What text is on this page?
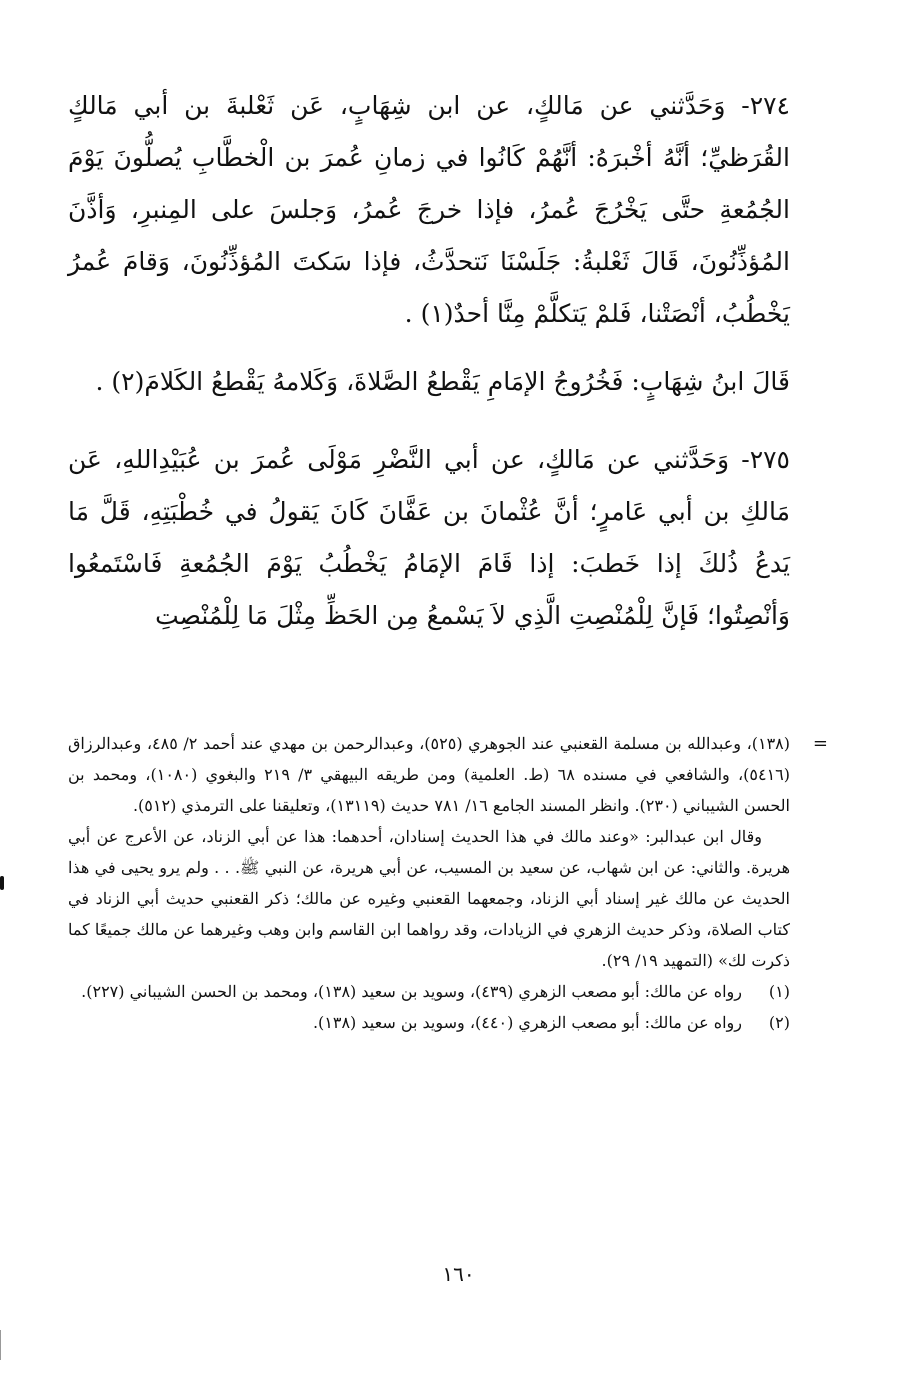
٢٧٤- وَحَدَّثني عن مَالكٍ، عن ابن شِهَابٍ، عَن ثَعْلبةَ بن أبي مَالكٍ القُرَظيِّ؛ أنَّهُ أخْبرَهُ: أنَّهُمْ كَانُوا في زمانِ عُمرَ بن الْخطَّابِ يُصلُّونَ يَوْمَ الجُمُعةِ حتَّى يَخْرُجَ عُمرُ، فإذا خرجَ عُمرُ، وَجلسَ على المِنبرِ، وَأذَّنَ المُؤذِّنُونَ، قَالَ ثَعْلبةُ: جَلَسْنَا نَتحدَّثُ، فإذا سَكتَ المُؤذِّنُونَ، وَقامَ عُمرُ يَخْطُبُ، أنْصَتْنا، فَلمْ يَتكلَّمْ مِنَّا أحدٌ(١) .

قَالَ ابنُ شِهَابٍ: فَخُرُوجُ الإمَامِ يَقْطعُ الصَّلاةَ، وَكَلامهُ يَقْطعُ الكَلامَ(٢) .

٢٧٥- وَحَدَّثني عن مَالكٍ، عن أبي النَّضْرِ مَوْلَى عُمرَ بن عُبَيْدِاللهِ، عَن مَالكِ بن أبي عَامرٍ؛ أنَّ عُثْمانَ بن عَفَّانَ كَانَ يَقولُ في خُطْبَتِهِ، قَلَّ مَا يَدعُ ذُلكَ إذا خَطبَ: إذا قَامَ الإمَامُ يَخْطُبُ يَوْمَ الجُمُعةِ فَاسْتَمعُوا وَأنْصِتُوا؛ فَإنَّ لِلْمُنْصِتِ الَّذِي لاَ يَسْمعُ مِن الحَظِّ مِثْلَ مَا لِلْمُنْصِتِ

=

(١٣٨)، وعبدالله بن مسلمة القعنبي عند الجوهري (٥٢٥)، وعبدالرحمن بن مهدي عند أحمد ٢/ ٤٨٥، وعبدالرزاق (٥٤١٦)، والشافعي في مسنده ٦٨ (ط. العلمية) ومن طريقه البيهقي ٣/ ٢١٩ والبغوي (١٠٨٠)، ومحمد بن الحسن الشيباني (٢٣٠). وانظر المسند الجامع ١٦/ ٧٨١ حديث (١٣١١٩)، وتعليقنا على الترمذي (٥١٢).

وقال ابن عبدالبر: «وعند مالك في هذا الحديث إسنادان، أحدهما: هذا عن أبي الزناد، عن الأعرج عن أبي هريرة. والثاني: عن ابن شهاب، عن سعيد بن المسيب، عن أبي هريرة، عن النبي ﷺ. . . ولم يرو يحيى في هذا الحديث عن مالك غير إسناد أبي الزناد، وجمعهما القعنبي وغيره عن مالك؛ ذكر القعنبي حديث أبي الزناد في كتاب الصلاة، وذكر حديث الزهري في الزيادات، وقد رواهما ابن القاسم وابن وهب وغيرهما عن مالك جميعًا كما ذكرت لك» (التمهيد ١٩/ ٢٩).

(١)
رواه عن مالك: أبو مصعب الزهري (٤٣٩)، وسويد بن سعيد (١٣٨)، ومحمد بن الحسن الشيباني (٢٢٧).
(٢)
رواه عن مالك: أبو مصعب الزهري (٤٤٠)، وسويد بن سعيد (١٣٨).
١٦٠
